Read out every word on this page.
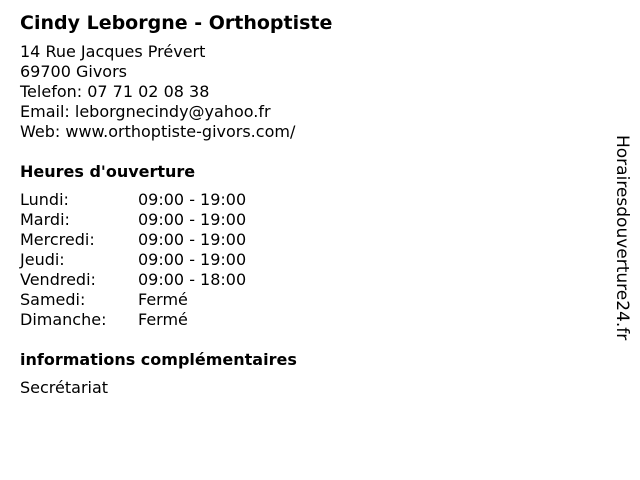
Cindy Leborgne - Orthoptiste
14 Rue Jacques Prévert
69700 Givors
Telefon: 07 71 02 08 38
Email: leborgnecindy@yahoo.fr
Web: www.orthoptiste-givors.com/
Heures d'ouverture
Lundi:	09:00 - 19:00
Mardi:	09:00 - 19:00
Mercredi:	09:00 - 19:00
Jeudi:	09:00 - 19:00
Vendredi:	09:00 - 18:00
Samedi:	Fermé
Dimanche:	Fermé
informations complémentaires
Secrétariat
Horairesdouverture24.fr
